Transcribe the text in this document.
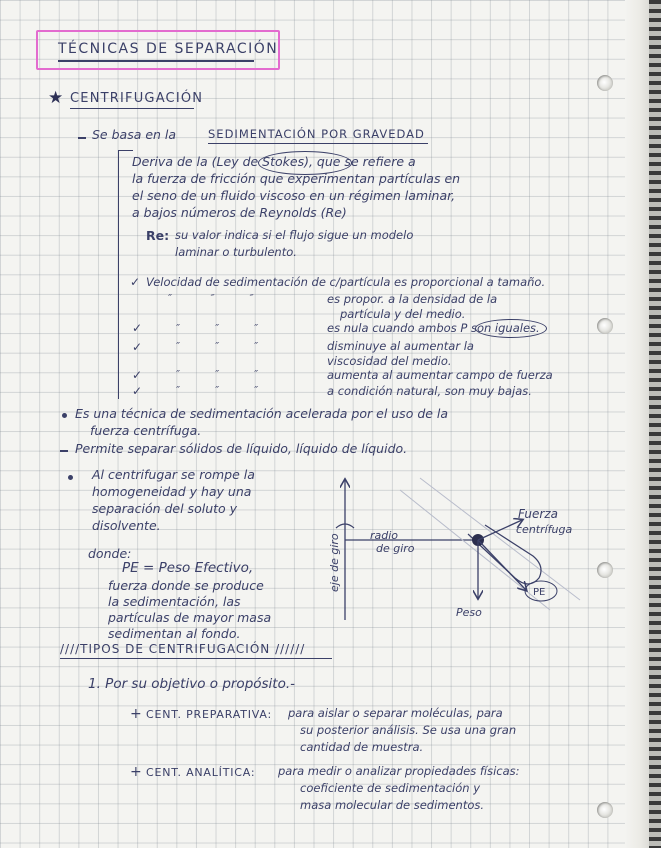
TÉCNICAS DE SEPARACIÓN
★ CENTRIFUGACIÓN
Se basa en la	SEDIMENTACIÓN POR GRAVEDAD
Deriva de la (Ley de Stokes), que se refiere a
la fuerza de fricción que experimentan partículas en
el seno de un fluido viscoso en un régimen laminar,
a bajos números de Reynolds (Re)
Re: su valor indica si el flujo sigue un modelo
laminar o turbulento.
✓ Velocidad de sedimentación de c/partícula es proporcional a tamaño.
″           ″          ″	es propor. a la densidad de la
partícula y del medio.
✓	″          ″          ″	es nula cuando ambos P son iguales.
✓	″          ″          ″	disminuye al aumentar la
viscosidad del medio.
✓	″          ″          ″	aumenta al aumentar campo de fuerza
✓	″          ″          ″	a condición natural, son muy bajas.
Es una técnica de sedimentación acelerada por el uso de la
fuerza centrífuga.
Permite separar sólidos de líquido, líquido de líquido.
Al centrifugar se rompe la
homogeneidad y hay una
separación del soluto y
disolvente.
donde:
PE = Peso Efectivo,
fuerza donde se produce
la sedimentación, las
partículas de mayor masa
sedimentan al fondo.
eje de giro	radio
de giro
Fuerza
centrífuga
Peso
PE
////TIPOS DE CENTRIFUGACIÓN //////
1. Por su objetivo o propósito.-
+ CENT. PREPARATIVA: para aislar o separar moléculas, para
su posterior análisis. Se usa una gran
cantidad de muestra.
+ CENT. ANALÍTICA: para medir o analizar propiedades físicas:
coeficiente de sedimentación y
masa molecular de sedimentos.
